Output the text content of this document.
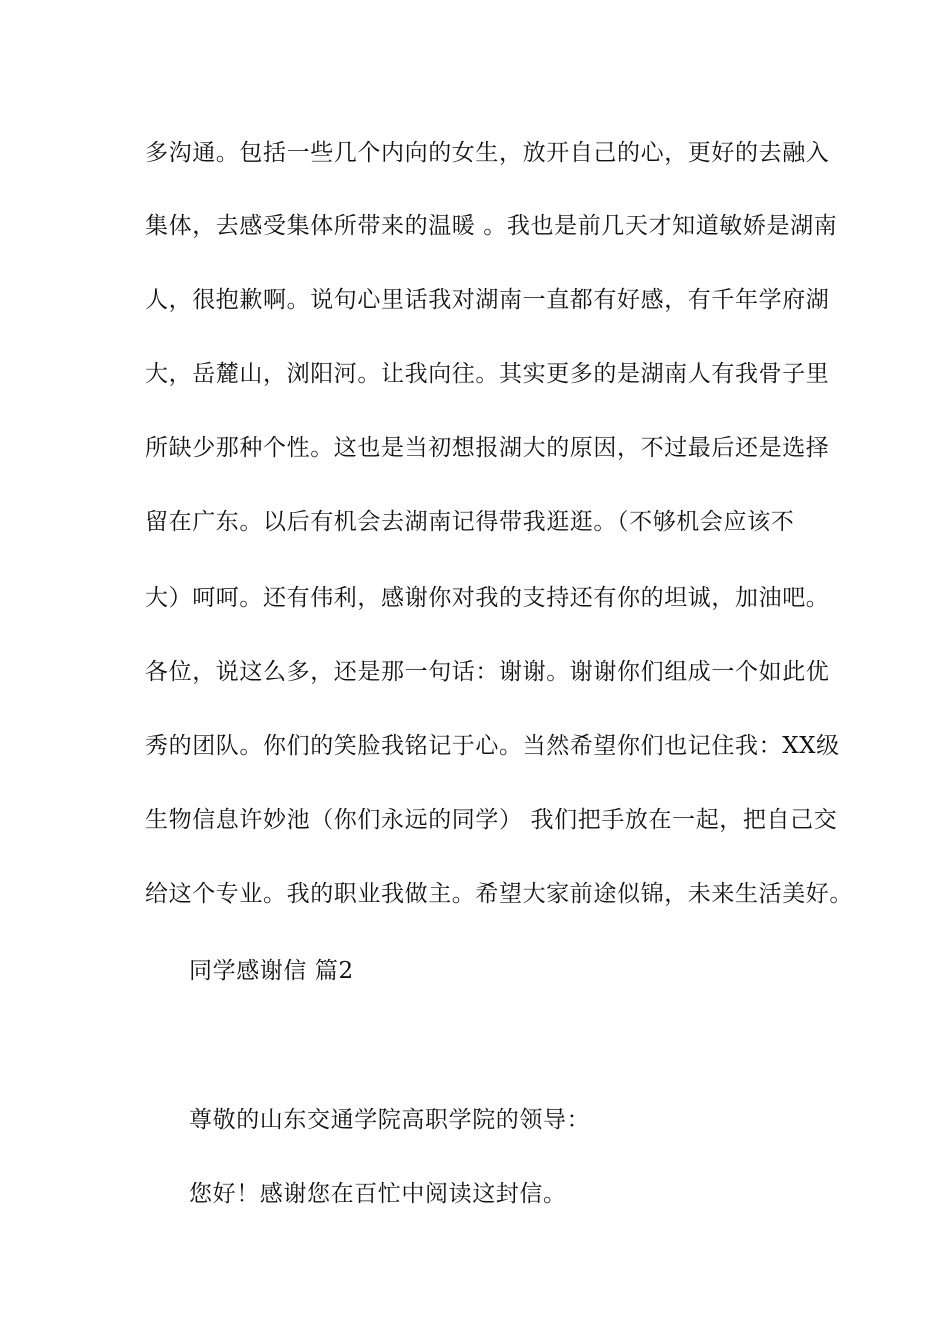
多沟通。包括一些几个内向的女生，放开自己的心，更好的去融入
集体，去感受集体所带来的温暖 。我也是前几天才知道敏娇是湖南
人，很抱歉啊。说句心里话我对湖南一直都有好感，有千年学府湖
大，岳麓山，浏阳河。让我向往。其实更多的是湖南人有我骨子里
所缺少那种个性。这也是当初想报湖大的原因，不过最后还是选择
留在广东。以后有机会去湖南记得带我逛逛。（不够机会应该不
大）呵呵。还有伟利，感谢你对我的支持还有你的坦诚，加油吧。
各位，说这么多，还是那一句话：谢谢。谢谢你们组成一个如此优
秀的团队。你们的笑脸我铭记于心。当然希望你们也记住我：XX级
生物信息许妙池（你们永远的同学） 我们把手放在一起，把自己交
给这个专业。我的职业我做主。希望大家前途似锦，未来生活美好。
同学感谢信 篇2
尊敬的山东交通学院高职学院的领导：
您好！感谢您在百忙中阅读这封信。
